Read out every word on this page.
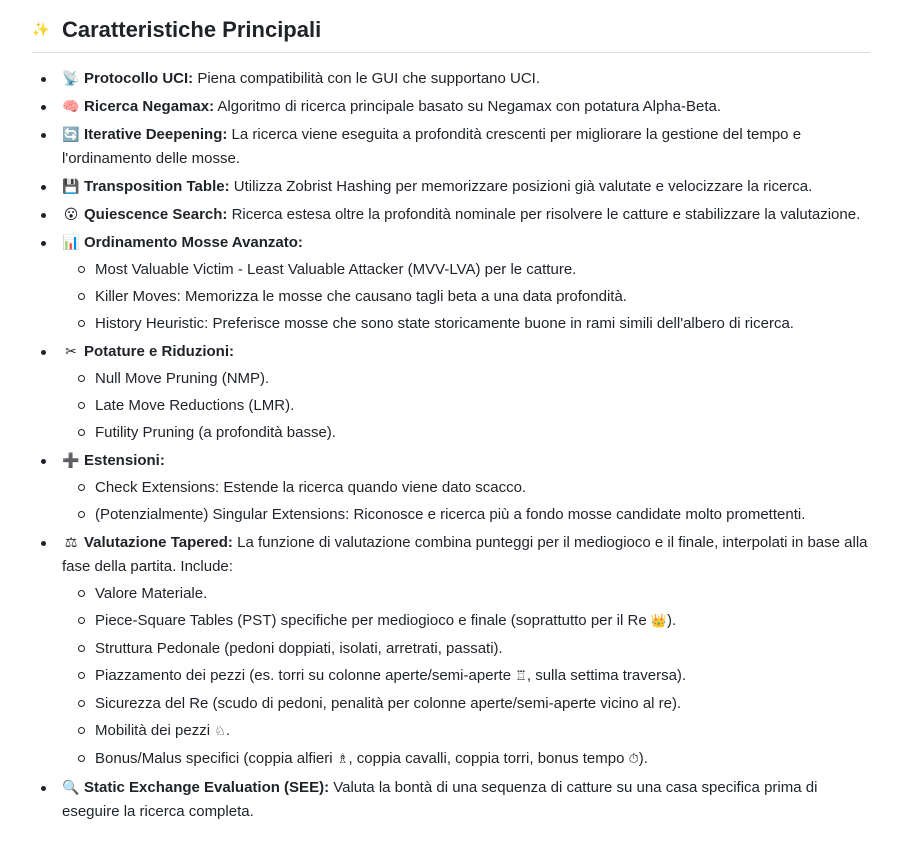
✨ Caratteristiche Principali
📡 Protocollo UCI: Piena compatibilità con le GUI che supportano UCI.
🧠 Ricerca Negamax: Algoritmo di ricerca principale basato su Negamax con potatura Alpha-Beta.
🔄 Iterative Deepening: La ricerca viene eseguita a profondità crescenti per migliorare la gestione del tempo e l'ordinamento delle mosse.
💾 Transposition Table: Utilizza Zobrist Hashing per memorizzare posizioni già valutate e velocizzare la ricerca.
😮 Quiescence Search: Ricerca estesa oltre la profondità nominale per risolvere le catture e stabilizzare la valutazione.
📊 Ordinamento Mosse Avanzato:
Most Valuable Victim - Least Valuable Attacker (MVV-LVA) per le catture.
Killer Moves: Memorizza le mosse che causano tagli beta a una data profondità.
History Heuristic: Preferisce mosse che sono state storicamente buone in rami simili dell'albero di ricerca.
✂ Potature e Riduzioni:
Null Move Pruning (NMP).
Late Move Reductions (LMR).
Futility Pruning (a profondità basse).
➕ Estensioni:
Check Extensions: Estende la ricerca quando viene dato scacco.
(Potenzialmente) Singular Extensions: Riconosce e ricerca più a fondo mosse candidate molto promettenti.
⚖ Valutazione Tapered: La funzione di valutazione combina punteggi per il mediogioco e il finale, interpolati in base alla fase della partita. Include:
Valore Materiale.
Piece-Square Tables (PST) specifiche per mediogioco e finale (soprattutto per il Re 👑).
Struttura Pedonale (pedoni doppiati, isolati, arretrati, passati).
Piazzamento dei pezzi (es. torri su colonne aperte/semi-aperte ♖, sulla settima traversa).
Sicurezza del Re (scudo di pedoni, penalità per colonne aperte/semi-aperte vicino al re).
Mobilità dei pezzi ♘.
Bonus/Malus specifici (coppia alfieri ♗, coppia cavalli, coppia torri, bonus tempo ⏱).
🔍 Static Exchange Evaluation (SEE): Valuta la bontà di una sequenza di catture su una casa specifica prima di eseguire la ricerca completa.
